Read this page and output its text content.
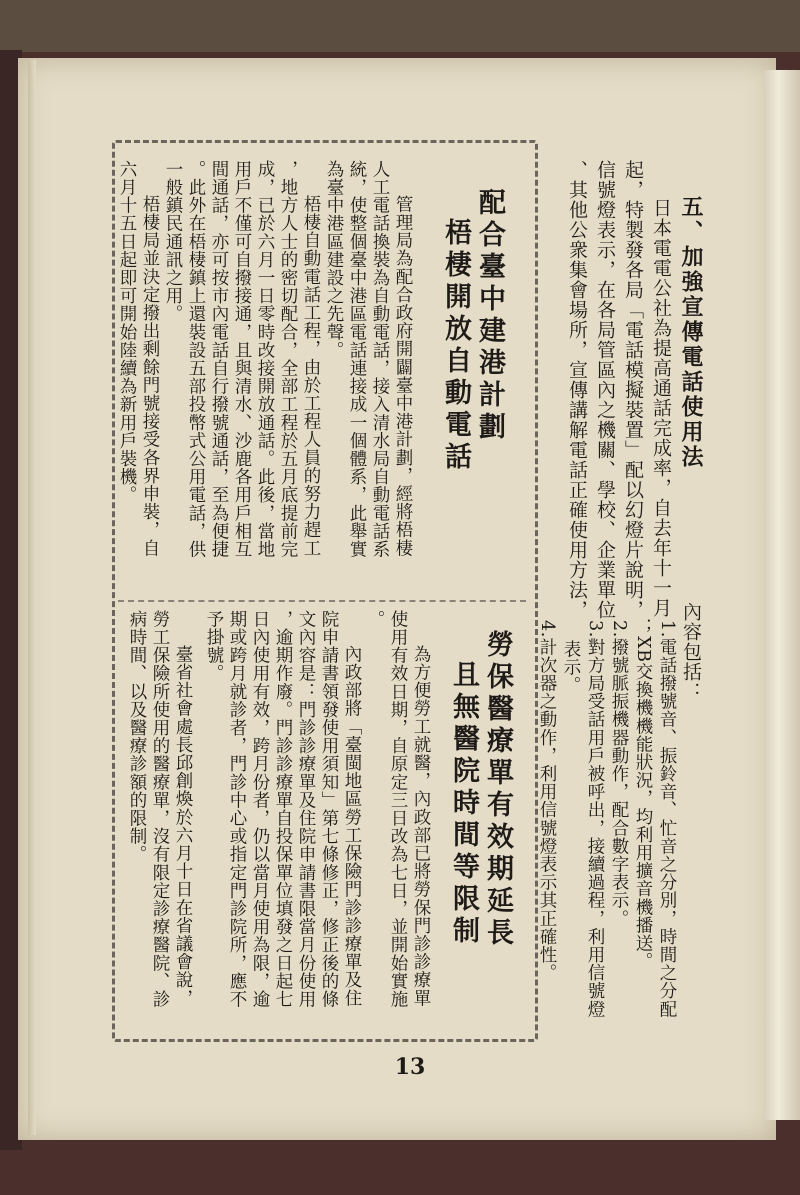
五、加強宣傳電話使用法

日本電電公社為提高通話完成率，自去年十一月

起，特製發各局「電話模擬裝置」配以幻燈片說明，

信號燈表示，在各局管區內之機關、學校、企業單位

、其他公衆集會場所，宣傳講解電話正確使用方法，

內容包括：

1.電話撥號音、振鈴音、忙音之分別，時間之分配

；XB交換機機能狀況，均利用擴音機播送。

2.撥號脈振機器動作，配合數字表示。

3.對方局受話用戶被呼出，接續過程，利用信號燈

表示。

4.計次器之動作，利用信號燈表示其正確性。

配合臺中建港計劃

梧棲開放自動電話

管理局為配合政府開闢臺中港計劃，經將梧棲

人工電話換裝為自動電話，接入清水局自動電話系

統，使整個臺中港區電話連接成一個體系，此舉實

為臺中港區建設之先聲。

梧棲自動電話工程，由於工程人員的努力趕工

，地方人士的密切配合，全部工程於五月底提前完

成，已於六月一日零時改接開放通話。此後，當地

用戶不僅可自撥接通，且與清水、沙鹿各用戶相互

間通話，亦可按市內電話自行撥號通話，至為便捷

。此外在梧棲鎮上還裝設五部投幣式公用電話，供

一般鎮民通訊之用。

梧棲局並決定撥出剩餘門號接受各界申裝，自

六月十五日起即可開始陸續為新用戶裝機。

勞保醫療單有效期延長

且無醫院時間等限制

為方便勞工就醫，內政部已將勞保門診診療單

使用有效日期，自原定三日改為七日，並開始實施

。

內政部將「臺閩地區勞工保險門診診療單及住

院申請書領發使用須知」第七條修正，修正後的條

文內容是：門診診療單及住院申請書限當月份使用

，逾期作廢。門診診療單自投保單位填發之日起七

日內使用有效，跨月份者，仍以當月使用為限，逾

期或跨月就診者，門診中心或指定門診院所，應不

予掛號。

臺省社會處長邱創煥於六月十日在省議會說，

勞工保險所使用的醫療單，沒有限定診療醫院、診

病時間、以及醫療診額的限制。

13
